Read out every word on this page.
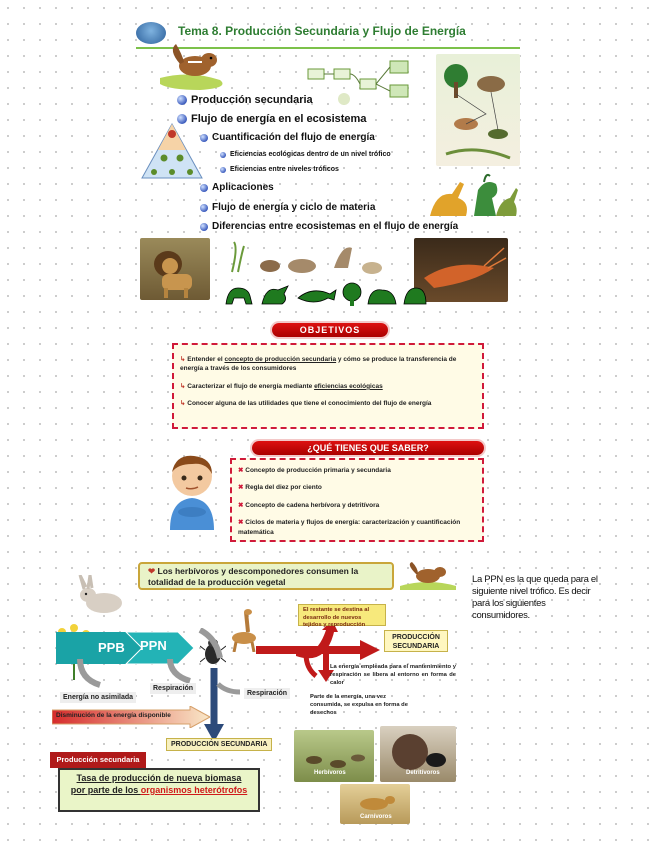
Tema 8. Producción Secundaria y Flujo de Energía
Producción secundaria
Flujo de energía en el ecosistema
Cuantificación del flujo de energía
Eficiencias ecológicas dentro de un nivel trófico
Eficiencias entre niveles tróficos
Aplicaciones
Flujo de energía y ciclo de materia
Diferencias entre ecosistemas en el flujo de energía
OBJETIVOS

↳ Entender el concepto de producción secundaria y cómo se produce la transferencia de energía a través de los consumidores

↳ Caracterizar el flujo de energía mediante eficiencias ecológicas

↳ Conocer alguna de las utilidades que tiene el conocimiento del flujo de energía

¿QUÉ TIENES QUE SABER?

✖ Concepto de producción primaria y secundaria

✖ Regla del diez por ciento

✖ Concepto de cadena herbívora y detritívora

✖ Ciclos de materia y flujos de energía: caracterización y cuantificación matemática

❤ Los herbívoros y descomponedores consumen la totalidad de la producción vegetal
PPB PPN
Energía no asimilada
Respiración
Disminución de la energía disponible
Respiración
El restante se destina al desarrollo de nuevos tejidos y reproducción
PRODUCCIÓN SECUNDARIA
La energía empleada para el mantenimiento y respiración se libera al entorno en forma de calor
Parte de la energía, una vez consumida, se expulsa en forma de desechos
La PPN es la que queda para el siguiente nivel trófico. Es decir para los siguientes consumidores.
PRODUCCIÓN SECUNDARIA
Producción secundaria
Tasa de producción de nueva biomasa
por parte de los organismos heterótrofos
Herbívoros	Detritívoros
Carnívoros
